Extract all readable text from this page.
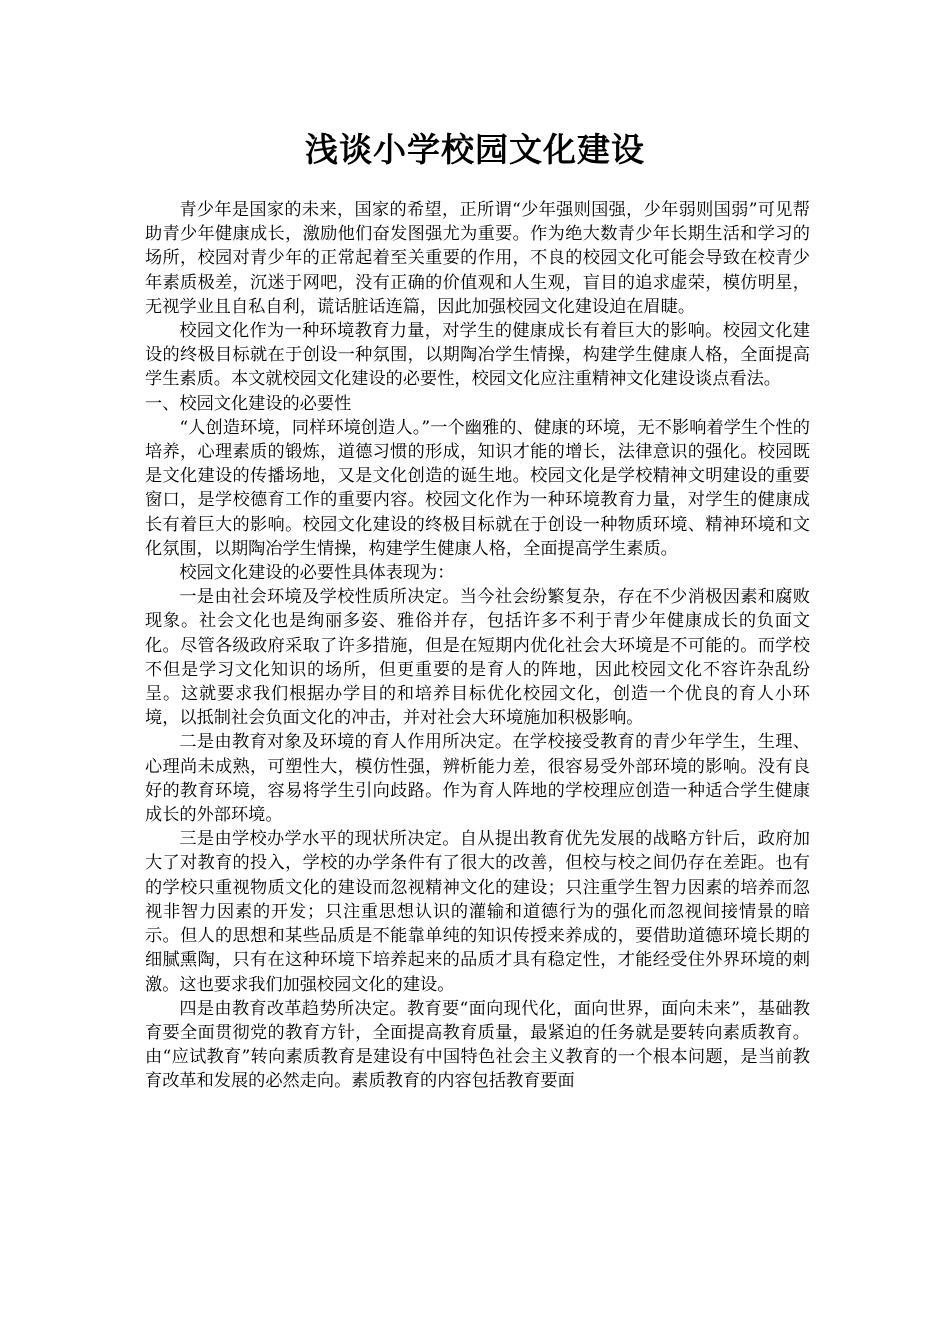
浅谈小学校园文化建设

青少年是国家的未来，国家的希望，正所谓“少年强则国强，少年弱则国弱”可见帮助青少年健康成长，激励他们奋发图强尤为重要。作为绝大数青少年长期生活和学习的场所，校园对青少年的正常起着至关重要的作用，不良的校园文化可能会导致在校青少年素质极差，沉迷于网吧，没有正确的价值观和人生观，盲目的追求虚荣，模仿明星，无视学业且自私自利，谎话脏话连篇，因此加强校园文化建设迫在眉睫。

校园文化作为一种环境教育力量，对学生的健康成长有着巨大的影响。校园文化建设的终极目标就在于创设一种氛围，以期陶冶学生情操，构建学生健康人格，全面提高学生素质。本文就校园文化建设的必要性，校园文化应注重精神文化建设谈点看法。

一、校园文化建设的必要性

“人创造环境，同样环境创造人。”一个幽雅的、健康的环境，无不影响着学生个性的培养，心理素质的锻炼，道德习惯的形成，知识才能的增长，法律意识的强化。校园既是文化建设的传播场地，又是文化创造的诞生地。校园文化是学校精神文明建设的重要窗口，是学校德育工作的重要内容。校园文化作为一种环境教育力量，对学生的健康成长有着巨大的影响。校园文化建设的终极目标就在于创设一种物质环境、精神环境和文化氛围，以期陶冶学生情操，构建学生健康人格，全面提高学生素质。

校园文化建设的必要性具体表现为：

一是由社会环境及学校性质所决定。当今社会纷繁复杂，存在不少消极因素和腐败现象。社会文化也是绚丽多姿、雅俗并存，包括许多不利于青少年健康成长的负面文化。尽管各级政府采取了许多措施，但是在短期内优化社会大环境是不可能的。而学校不但是学习文化知识的场所，但更重要的是育人的阵地，因此校园文化不容许杂乱纷呈。这就要求我们根据办学目的和培养目标优化校园文化，创造一个优良的育人小环境，以抵制社会负面文化的冲击，并对社会大环境施加积极影响。

二是由教育对象及环境的育人作用所决定。在学校接受教育的青少年学生，生理、心理尚未成熟，可塑性大，模仿性强，辨析能力差，很容易受外部环境的影响。没有良好的教育环境，容易将学生引向歧路。作为育人阵地的学校理应创造一种适合学生健康成长的外部环境。

三是由学校办学水平的现状所决定。自从提出教育优先发展的战略方针后，政府加大了对教育的投入，学校的办学条件有了很大的改善，但校与校之间仍存在差距。也有的学校只重视物质文化的建设而忽视精神文化的建设；只注重学生智力因素的培养而忽视非智力因素的开发；只注重思想认识的灌输和道德行为的强化而忽视间接情景的暗示。但人的思想和某些品质是不能靠单纯的知识传授来养成的，要借助道德环境长期的细腻熏陶，只有在这种环境下培养起来的品质才具有稳定性，才能经受住外界环境的刺激。这也要求我们加强校园文化的建设。

四是由教育改革趋势所决定。教育要“面向现代化，面向世界，面向未来”，基础教育要全面贯彻党的教育方针，全面提高教育质量，最紧迫的任务就是要转向素质教育。由“应试教育”转向素质教育是建设有中国特色社会主义教育的一个根本问题，是当前教育改革和发展的必然走向。素质教育的内容包括教育要面
